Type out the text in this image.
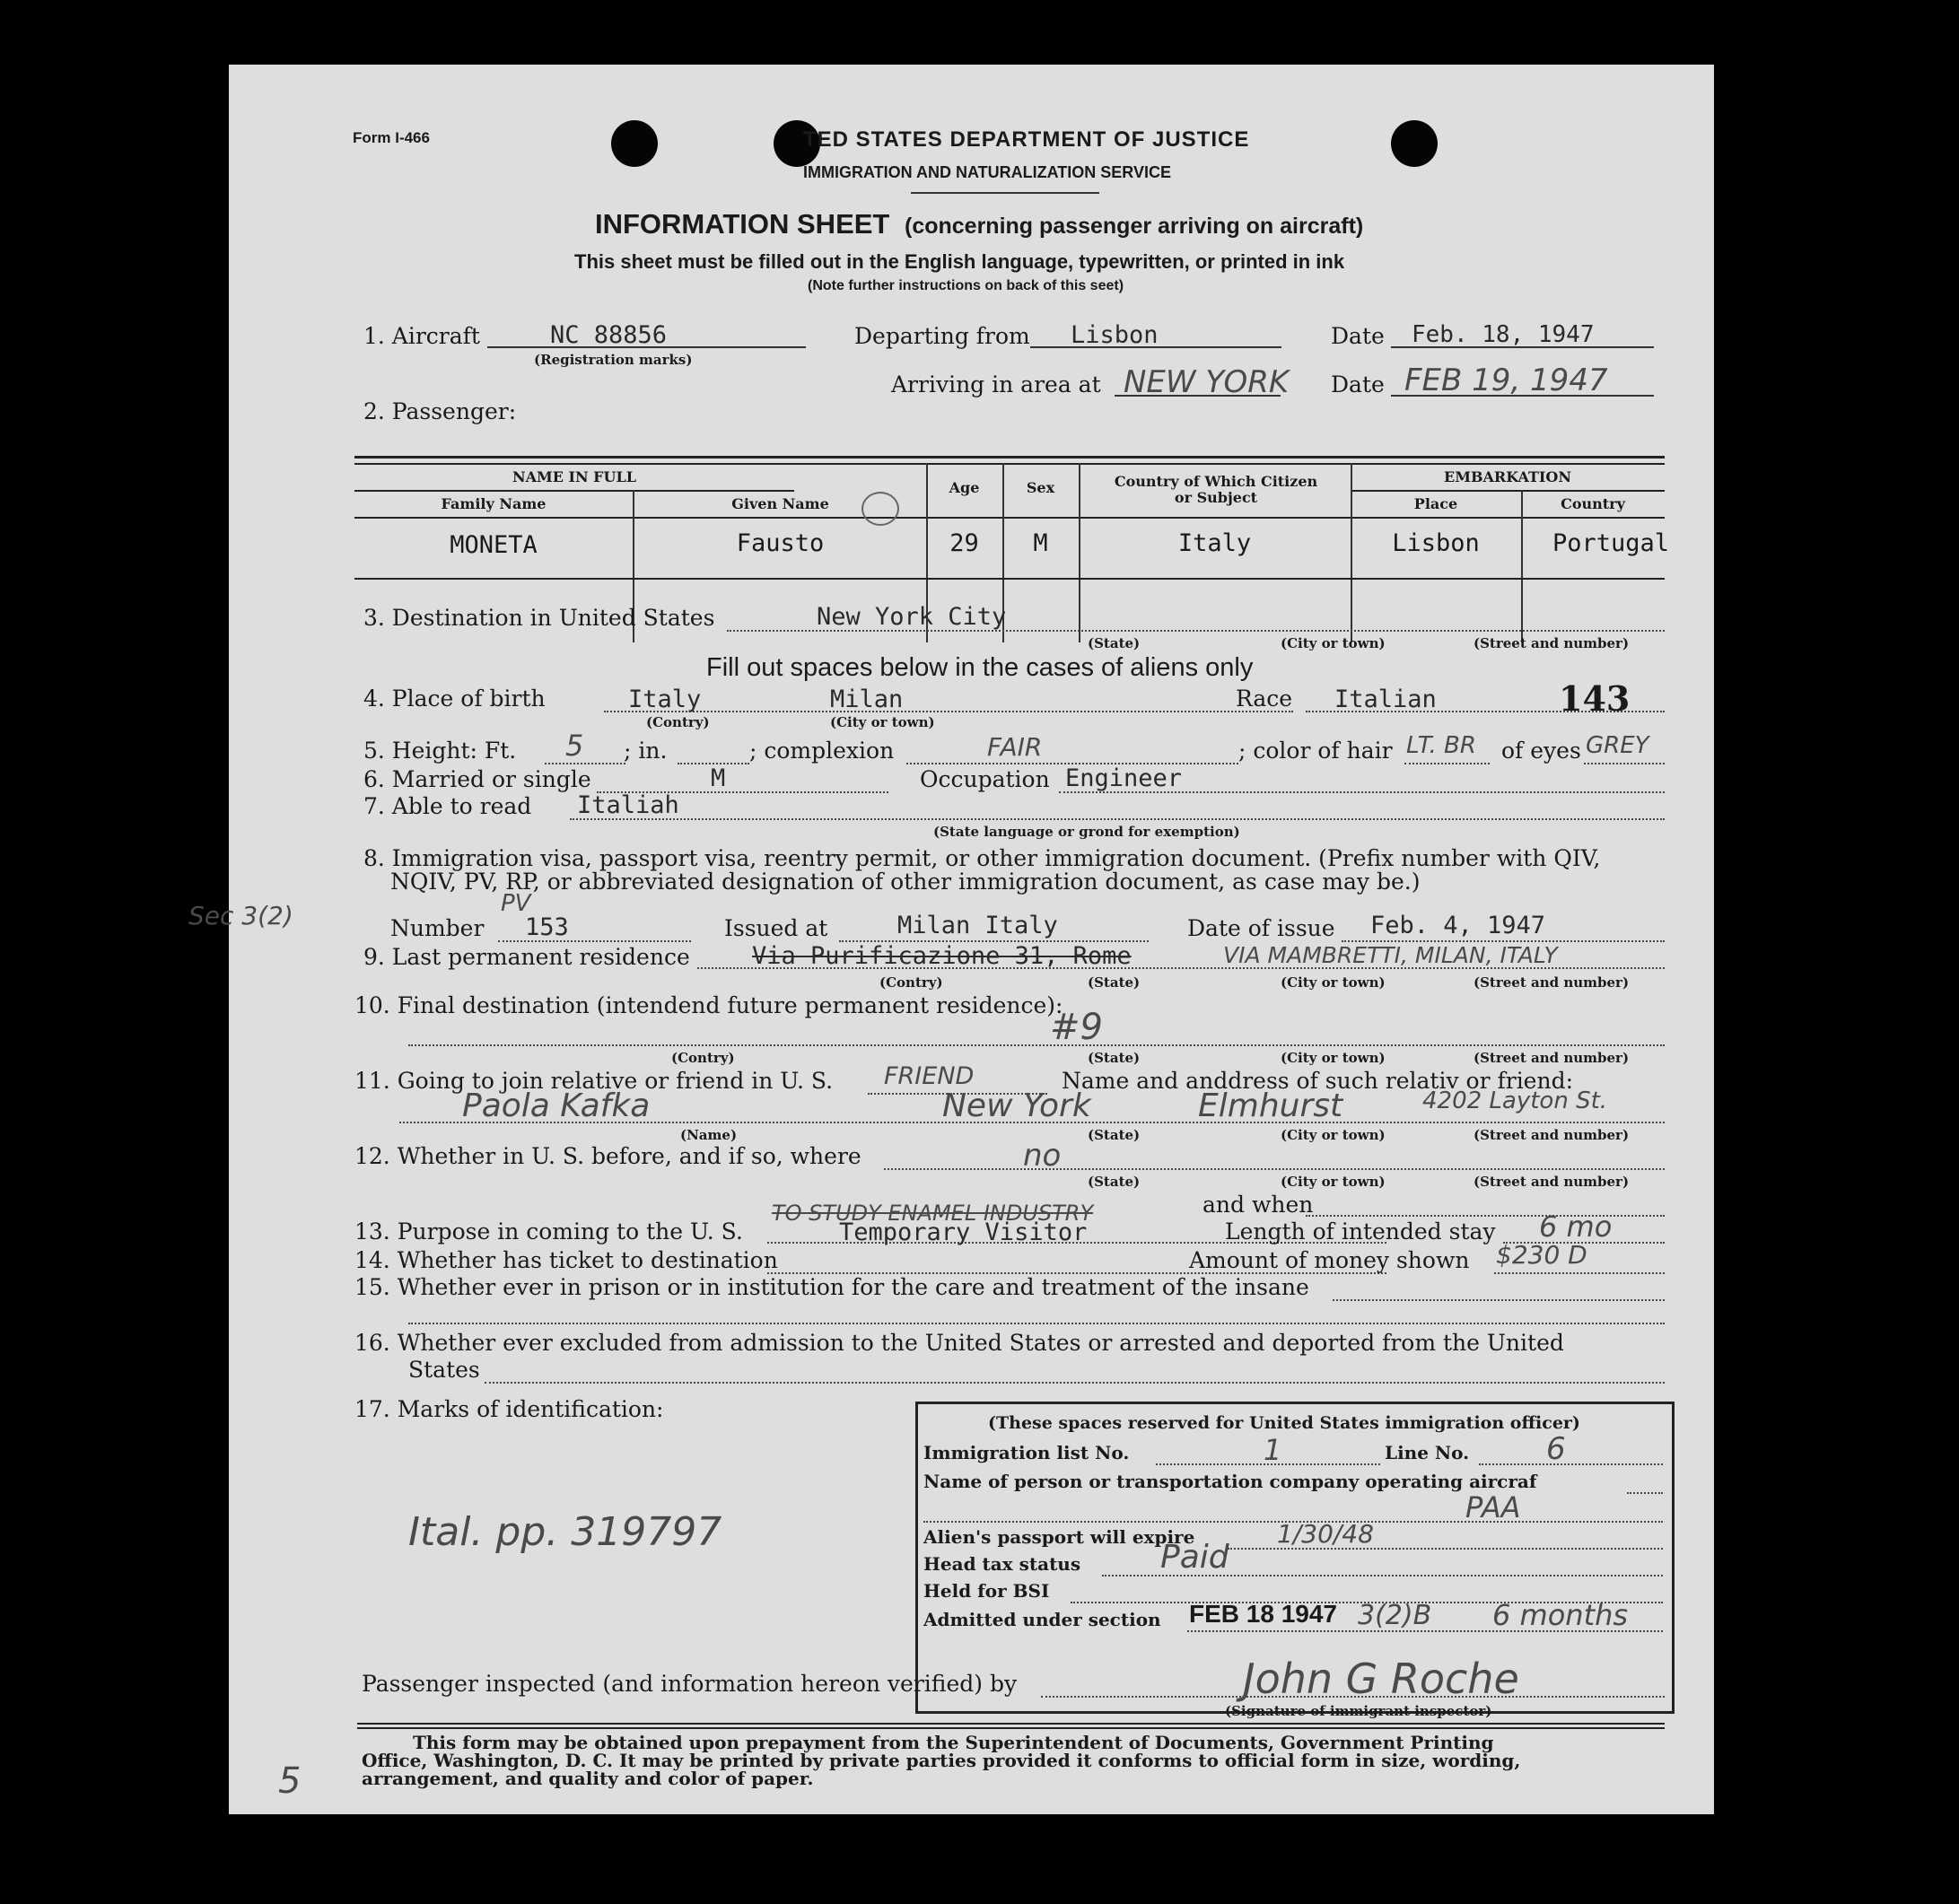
Form I-466	TED STATES DEPARTMENT OF JUSTICE
IMMIGRATION AND NATURALIZATION SERVICE
INFORMATION SHEET (concerning passenger arriving on aircraft)
This sheet must be filled out in the English language, typewritten, or printed in ink
(Note further instructions on back of this seet)
1. Aircraft	NC 88856
(Registration marks)
Departing from Lisbon	Date Feb. 18, 1947
Arriving in area at NEW YORK Date FEB 19, 1947
2. Passenger:
NAME IN FULL	EMBARKATION
Family Name	Given Name
Age	Sex	Country of Which Citizen or Subject	Place	Country
MONETA	Fausto	29	M	Italy	Lisbon	Portugal
3. Destination in United States	New York City
(State)	(City or town)	(Street and number)
Fill out spaces below in the cases of aliens only
4. Place of birth	Italy	Milan
(Contry)	(City or town)
Race Italian	143
5. Height: Ft. 5 ; in.	; complexion	FAIR	; color of hair LT. BR of eyes GREY
6. Married or single	M	Occupation Engineer
7. Able to read Italiah
(State language or grond for exemption)
8. Immigration visa, passport visa, reentry permit, or other immigration document. (Prefix number with QIV,
NQIV, PV, RP, or abbreviated designation of other immigration document, as case may be.)
Sec 3(2)	Number
PV
153	Issued at	Milan Italy	Date of issue Feb. 4, 1947
9. Last permanent residence	Via Purificazione 31, Rome	VIA MAMBRETTI, MILAN, ITALY
(Contry)	(State)	(City or town)	(Street and number)
10. Final destination (intendend future permanent residence):
#9
(Contry)	(State)	(City or town)	(Street and number)
11. Going to join relative or friend in U. S. FRIEND	Name and anddress of such relativ or friend:
Paola Kafka	New York	Elmhurst	4202 Layton St.
(Name)	(State)	(City or town)	(Street and number)
12. Whether in U. S. before, and if so, where	no
(State)	(City or town)	(Street and number)
and when
13. Purpose in coming to the U. S.
TO STUDY ENAMEL INDUSTRY
Temporary Visitor	Length of intended stay 6 mo
14. Whether has ticket to destination	Amount of money shown $230 D
15. Whether ever in prison or in institution for the care and treatment of the insane
16. Whether ever excluded from admission to the United States or arrested and deported from the United
States
17. Marks of identification:
Ital. pp. 319797
(These spaces reserved for United States immigration officer)
Immigration list No.	1	Line No.	6
Name of person or transportation company operating aircraf
PAA
Alien's passport will expire	1/30/48
Head tax status Paid
Held for BSI
Admitted under section FEB 18 1947 3(2)B 6 months
Passenger inspected (and information hereon verified) by	John G Roche
(Signature of immigrant inspector)
This form may be obtained upon prepayment from the Superintendent of Documents, Government Printing
Office, Washington, D. C. It may be printed by private parties provided it conforms to official form in size, wording,
arrangement, and quality and color of paper.
5
